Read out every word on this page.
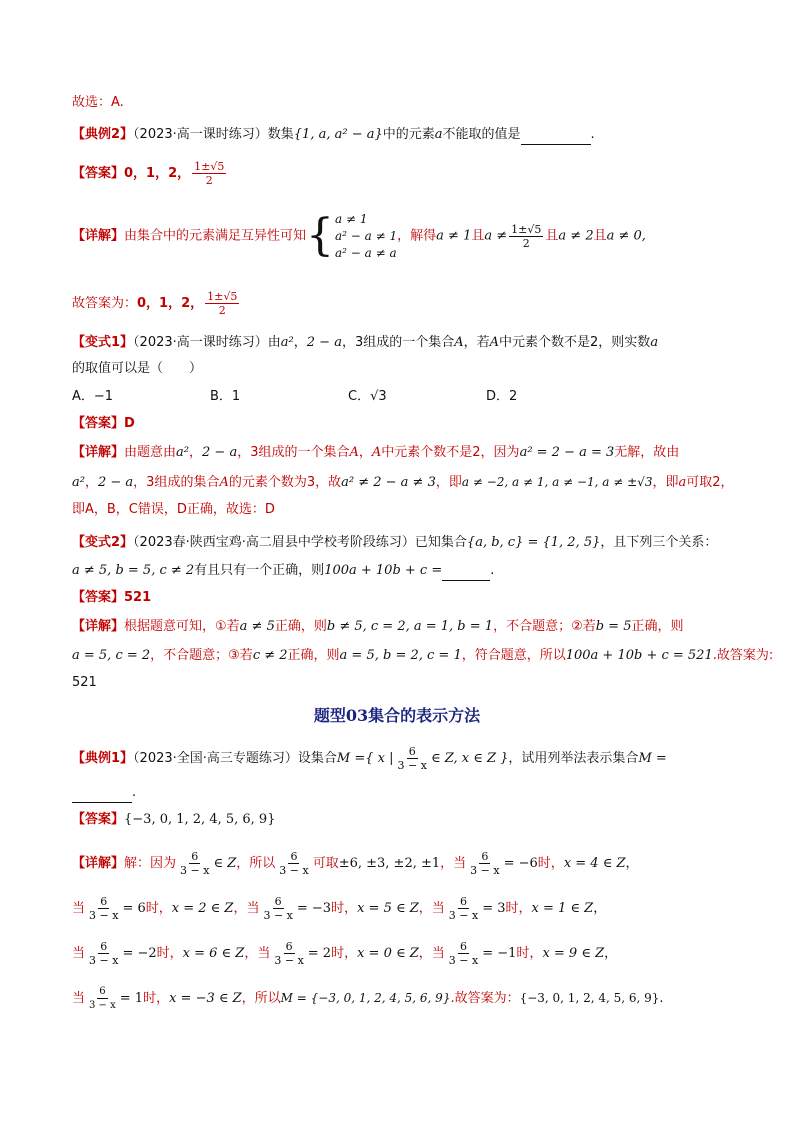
故选：A.
【典例2】（2023·高一课时练习）数集{1, a, a² − a}中的元素a不能取的值是	.
【答案】0，1，2， $\frac{1\pm√5}{2}$
【详解】由集合中的元素满足互异性可知 { a ≠ 1
a² − a ≠ 1
a² − a ≠ a
，解得a ≠ 1且$a \ne \frac{1\pm√5}{2}$ 且a ≠ 2且a ≠ 0,
故答案为：0，1，2， $\frac{1\pm√5}{2}$
【变式1】（2023·高一课时练习）由a²，2 − a，3组成的一个集合A，若A中元素个数不是2，则实数a
的取值可以是（　　）
A．−1	B．1	C．√3	D．2
【答案】D
【详解】由题意由a²，2 − a，3组成的一个集合A，A中元素个数不是2，因为a² = 2 − a = 3无解，故由
a²，2 − a，3组成的集合A的元素个数为3，故a² ≠ 2 − a ≠ 3，即a ≠ −2, a ≠ 1, a ≠ −1, a ≠ ±√3，即a可取2，
即A，B，C错误，D正确，故选：D
【变式2】（2023春·陕西宝鸡·高二眉县中学校考阶段练习）已知集合{a, b, c} = {1, 2, 5}，且下列三个关系：
a ≠ 5, b = 5, c ≠ 2有且只有一个正确，则100a + 10b + c =	.
【答案】521
【详解】根据题意可知，①若a ≠ 5正确，则b ≠ 5, c = 2, a = 1, b = 1，不合题意；②若b = 5正确，则
a = 5, c = 2，不合题意；③若c ≠ 2正确，则a = 5, b = 2, c = 1，符合题意，所以100a + 10b + c = 521.故答案为:
521
题型03集合的表示方法
【典例1】（2023·全国·高三专题练习）设集合M ={ x | $\frac{6}{3 - x}$ ∈ Z, x ∈ Z }，试用列举法表示集合M =
.
【答案】{−3, 0, 1, 2, 4, 5, 6, 9}
【详解】解：因为 $\frac{6}{3 - x}$ ∈ Z，所以 $\frac{6}{3 - x}$ 可取±6, ±3, ±2, ±1，当 $\frac{6}{3 - x} = -6$时，x = 4 ∈ Z，
当 $\frac{6}{3 - x} = 6$时，x = 2 ∈ Z，当 $\frac{6}{3 - x} = -3$时，x = 5 ∈ Z，当 $\frac{6}{3 - x} = 3$时，x = 1 ∈ Z，
当 $\frac{6}{3 - x} = -2$时，x = 6 ∈ Z，当 $\frac{6}{3 - x} = 2$时，x = 0 ∈ Z，当 $\frac{6}{3 - x} = -1$时，x = 9 ∈ Z，
当 $\frac{6}{3 - x} = 1$时，x = −3 ∈ Z，所以M = {−3, 0, 1, 2, 4, 5, 6, 9}.故答案为：{−3, 0, 1, 2, 4, 5, 6, 9}.
